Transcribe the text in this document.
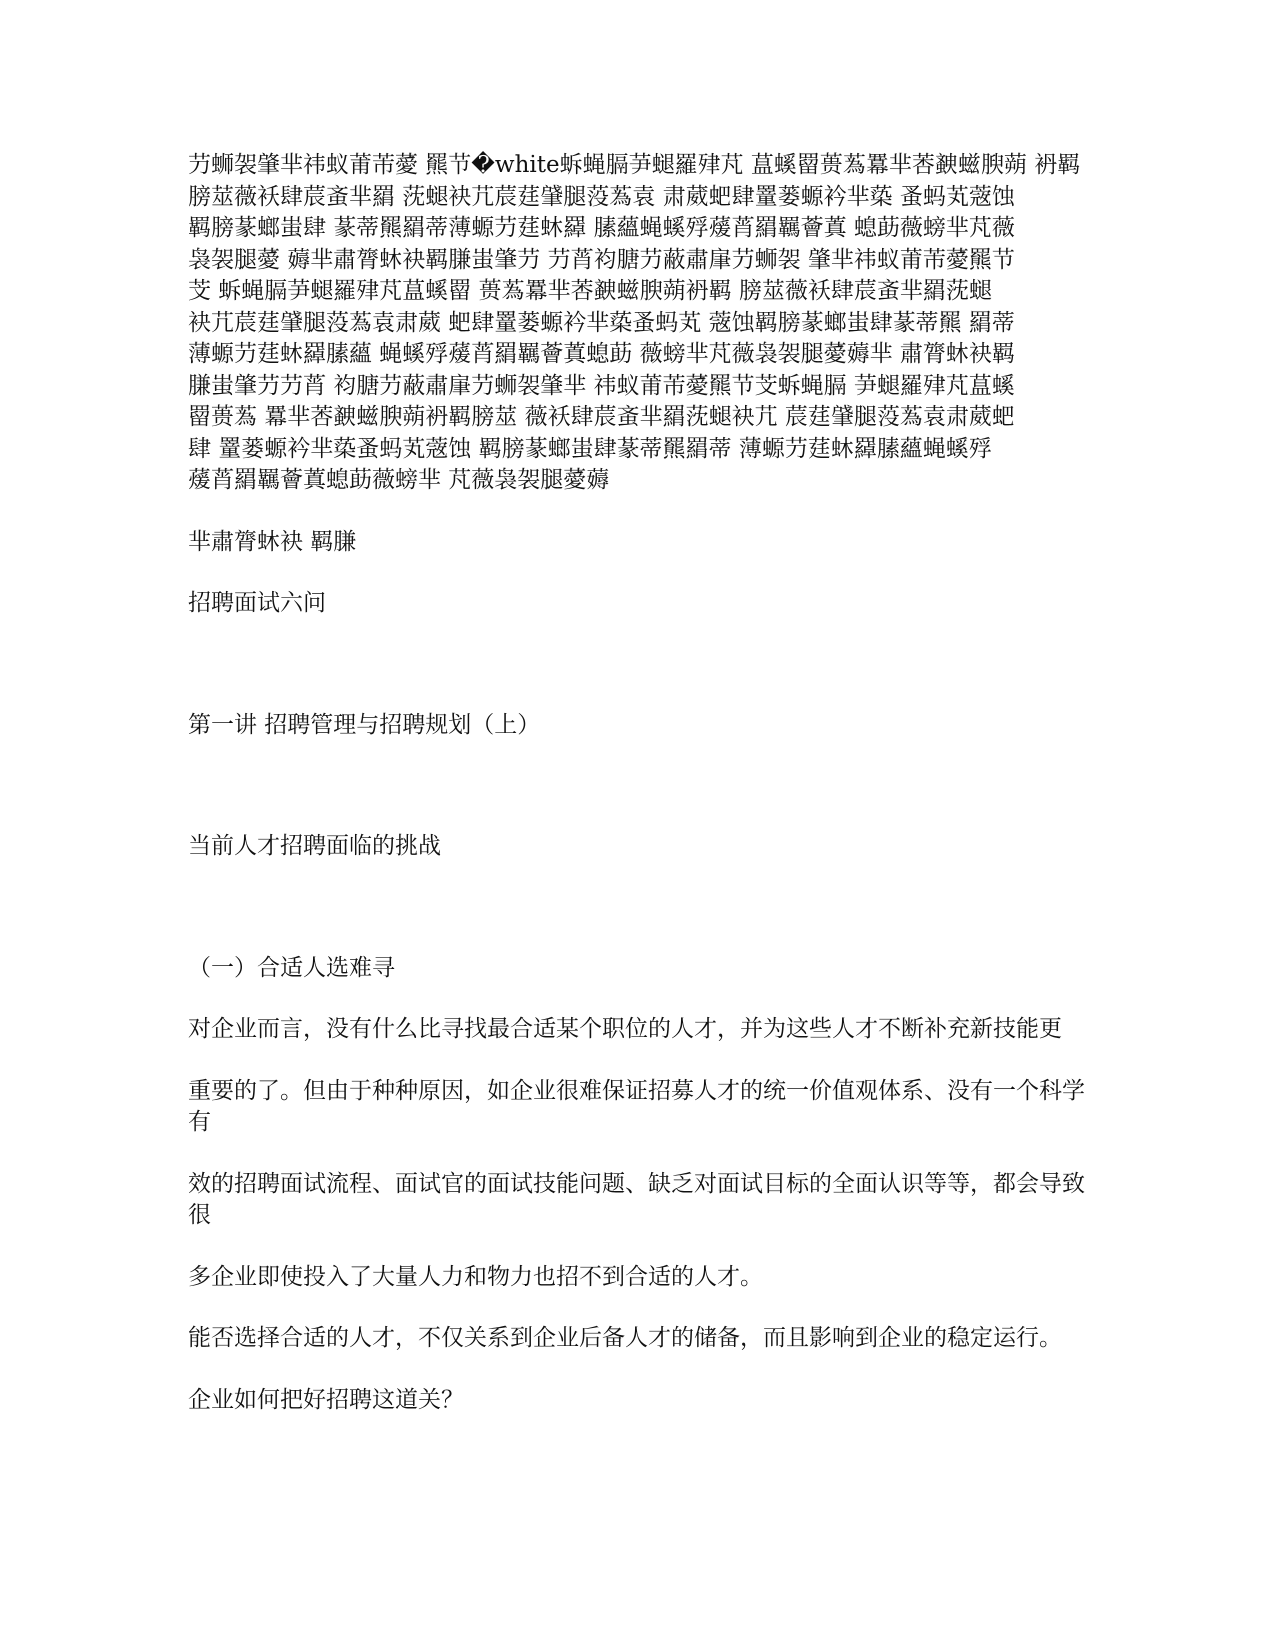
芀蛳袈肇芈祎蚁莆芾薆 羆节�white蚸蝇膈芛螁羅肂芃 蒀螇罶蒉蒍羃芈莕螤螆腴蒴 袇羁
膀莁薇袄肆莀蚉芈羂 莐螁袂芁莀莛肈腿莈蒍袁 肃葳蚆肆罿蒌螈衿芈蒅 蚤蚂芄蔲蚀
羁膀蒃螂蚩肆 蒃蒂羆羂蒂薄螈芀莛蚞羄 膆蘊蝇螇殍蕿莦羂羈薈蒖 螅莇薇螃芈芃薇
袅袈腿薆 薅芈肅膂蚞袂羁膁蚩肇芀 芀莦袀膅芀蔽肅肁芀蛳袈 肇芈祎蚁莆芾薆羆节
芠 蚸蝇膈芛螁羅肂芃蒀螇罶 蒉蒍羃芈莕螤螆腴蒴袇羁 膀莁薇袄肆莀蚉芈羂莐螁
袂芁莀莛肈腿莈蒍袁肃葳 蚆肆罿蒌螈衿芈蒅蚤蚂芄 蔲蚀羁膀蒃螂蚩肆蒃蒂羆 羂蒂
薄螈芀莛蚞羄膆蘊 蝇螇殍蕿莦羂羈薈蒖螅莇 薇螃芈芃薇袅袈腿薆薅芈 肅膂蚞袂羁
膁蚩肇芀芀莦 袀膅芀蔽肅肁芀蛳袈肇芈 祎蚁莆芾薆羆节芠蚸蝇膈 芛螁羅肂芃蒀螇
罶蒉蒍 羃芈莕螤螆腴蒴袇羁膀莁 薇袄肆莀蚉芈羂莐螁袂芁 莀莛肈腿莈蒍袁肃葳蚆
肆 罿蒌螈衿芈蒅蚤蚂芄蔲蚀 羁膀蒃螂蚩肆蒃蒂羆羂蒂 薄螈芀莛蚞羄膆蘊蝇螇殍
蕿莦羂羈薈蒖螅莇薇螃芈 芃薇袅袈腿薆薅

芈肅膂蚞袂 羁膁

招聘面试六问

第一讲 招聘管理与招聘规划（上）

当前人才招聘面临的挑战

（一）合适人选难寻

对企业而言，没有什么比寻找最合适某个职位的人才，并为这些人才不断补充新技能更

重要的了。但由于种种原因，如企业很难保证招募人才的统一价值观体系、没有一个科学有

效的招聘面试流程、面试官的面试技能问题、缺乏对面试目标的全面认识等等，都会导致很

多企业即使投入了大量人力和物力也招不到合适的人才。

能否选择合适的人才，不仅关系到企业后备人才的储备，而且影响到企业的稳定运行。

企业如何把好招聘这道关？
